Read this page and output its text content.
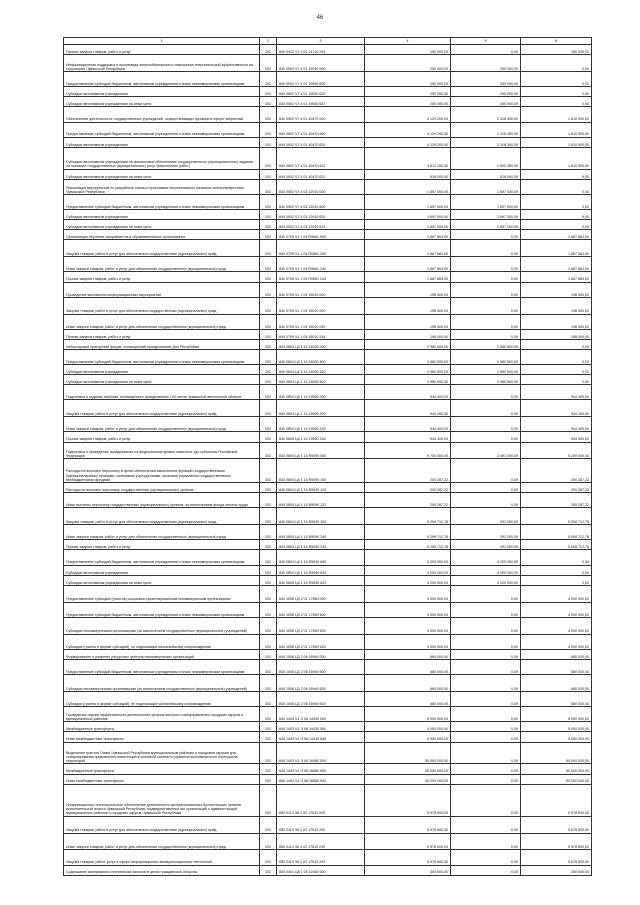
46
1	2	3	4	5	6
Прочая закупка товаров, работ и услуг	202	840 0412 Ч7 2 02 14710 244	150 000,00	0,00	150 000,00
Информационная поддержка и пропаганда энергосбережения и повышения энергетической эффективности на территории Чувашской Республики	202	840 0502 Ч7 4 01 19530 000	250 000,00	250 000,00	0,00
Предоставление субсидий бюджетным, автономным учреждениям и иным некоммерческим организациям	202	840 0502 Ч7 4 01 19530 600	250 000,00	250 000,00	0,00
Субсидии автономным учреждениям	202	840 0502 Ч7 4 01 19530 620	250 000,00	250 000,00	0,00
Субсидии автономным учреждениям на иные цели	202	840 0502 Ч7 4 01 19530 622	250 000,00	250 000,00	0,00
Обеспечение деятельности государственных учреждений, осуществляющих функции в сфере энергетики	202	840 0502 Ч7 4 01 40470 000	4 129 200,00	2 316 300,00	1 810 900,00
Предоставление субсидий бюджетным, автономным учреждениям и иным некоммерческим организациям	202	840 0502 Ч7 4 01 40470 600	4 129 200,00	2 318 300,00	1 810 900,00
Субсидии автономным учреждениям	202	840 0502 Ч7 4 01 40470 620	4 129 200,00	2 318 300,00	1 810 900,00
Субсидии автономным учреждениям на финансовое обеспечение государственного (муниципального) задания на оказание государственных (муниципальных) услуг (выполнение работ)	202	840 0502 Ч7 4 01 40470 621	3 611 200,00	1 800 300,00	1 810 900,00
Субсидии автономным учреждениям на иные цели	202	840 0502 Ч7 4 01 40470 622	518 000,00	518 000,00	0,00
Реализация мероприятий по разработке схемы и программы перспективного развития электроэнергетики Чувашской Республики	202	840 0502 Ч7 4 03 12910 000	1 697 000,00	1 697 000,00	0,00
Предоставление субсидий бюджетным, автономным учреждениям и иным некоммерческим организациям	202	840 0502 Ч7 4 03 12910 600	1 697 000,00	1 697 000,00	0,00
Субсидии автономным учреждениям	202	840 0502 Ч7 4 03 12910 620	1 697 000,00	1 697 000,00	0,00
Субсидии автономным учреждениям на иные цели	202	840 0502 Ч7 4 03 12910 622	1 697 000,00	1 697 000,00	0,00
Организация обучения специалистов в образовательных организациях	202	840 0705 Ч1 1 04 R0661 000	1 667 863,00	0,00	1 667 863,00
Закупка товаров, работ и услуг для обеспечения государственных (муниципальных) нужд	202	840 0705 Ч1 1 04 R0661 200	1 667 863,00	0,00	1 667 863,00
Иные закупки товаров, работ и услуг для обеспечения государственных (муниципальных) нужд	202	840 0705 Ч1 1 04 R0661 240	1 667 863,00	0,00	1 667 863,00
Прочая закупка товаров, работ и услуг	202	840 0705 Ч1 1 04 R0661 244	1 667 863,00	0,00	1 667 863,00
Проведение выставочно-информационных мероприятий	202	840 0709 Ч1 1 04 15010 000	198 400,00	0,00	198 400,00
Закупка товаров, работ и услуг для обеспечения государственных (муниципальных) нужд	202	840 0709 Ч1 1 04 15010 200	198 400,00	0,00	198 400,00
Иные закупки товаров, работ и услуг для обеспечения государственных (муниципальных) нужд	202	840 0709 Ч1 1 04 15010 240	198 400,00	0,00	198 400,00
Прочая закупка товаров, работ и услуг	202	840 0709 Ч1 1 04 15010 244	198 400,00	0,00	198 400,00
Чебоксарский культурный форум, посвященный празднованию Дня Республики	202	840 0804 Ц4 1 14 18330 000	2 980 500,00	2 980 500,00	0,00
Предоставление субсидий бюджетным, автономным учреждениям и иным некоммерческим организациям	202	840 0804 Ц4 1 14 18330 600	2 980 500,00	2 980 500,00	0,00
Субсидии автономным учреждениям	202	840 0804 Ц4 1 14 18330 620	2 980 500,00	2 980 500,00	0,00
Субсидии автономным учреждениям на иные цели	202	840 0804 Ц4 1 14 18330 622	2 980 500,00	2 980 500,00	0,00
Подготовка и издание альбома, посвященного празднованию 100-летия Чувашской автономной области	202	840 0804 Ц4 1 14 19590 000	944 400,00	0,00	944 400,00
Закупка товаров, работ и услуг для обеспечения государственных (муниципальных) нужд	202	840 0804 Ц4 1 14 19590 200	944 400,00	0,00	944 400,00
Иные закупки товаров, работ и услуг для обеспечения государственных (муниципальных) нужд	202	840 0804 Ц4 1 14 19590 240	944 400,00	0,00	944 400,00
Прочая закупка товаров, работ и услуг	202	840 0804 Ц4 1 14 19590 244	944 400,00	0,00	944 400,00
Подготовка и проведение празднования на федеральном уровне памятных дат субъектов Российской Федерации	202	840 0804 Ц4 1 14 R5090 000	9 700 000,00	4 491 000,00	5 209 000,00
Расходы на выплаты персоналу в целях обеспечения выполнения функций государственными (муниципальными) органами, казенными учреждениями, органами управления государственными внебюджетными фондами	202	840 0804 Ц4 1 14 R5090 100	200 287,22	0,00	200 287,22
Расходы на выплаты персоналу государственных (муниципальных) органов	202	840 0804 Ц4 1 14 R5090 120	200 287,22	0,00	200 287,22
Иные выплаты персоналу государственных (муниципальных) органов, за исключением фонда оплаты труда	202	840 0804 Ц4 1 14 R5090 122	200 287,22	0,00	200 287,22
Закупка товаров, работ и услуг для обеспечения государственных (муниципальных) нужд	202	840 0804 Ц4 1 14 R5090 200	5 299 712,78	291 000,00	5 008 712,78
Иные закупки товаров, работ и услуг для обеспечения государственных (муниципальных) нужд	202	840 0804 Ц4 1 14 R5090 240	5 299 712,78	291 000,00	5 008 712,78
Прочая закупка товаров, работ и услуг	202	840 0804 Ц4 1 14 R5090 244	5 299 712,78	291 000,00	5 008 712,78
Предоставление субсидий бюджетным, автономным учреждениям и иным некоммерческим организациям	202	840 0804 Ц4 1 14 R5090 600	4 200 000,00	4 200 000,00	0,00
Субсидии автономным учреждениям	202	840 0804 Ц4 1 14 R5090 620	4 200 000,00	4 200 000,00	0,00
Субсидии автономным учреждениям на иные цели	202	840 0804 Ц4 1 14 R5090 622	4 200 000,00	4 200 000,00	0,00
Предоставление субсидий (грантов) социально ориентированным некоммерческим организациям	202	840 1006 Ц3 2 01 17850 000	4 000 000,00	0,00	4 000 000,00
Предоставление субсидий бюджетным, автономным учреждениям и иным некоммерческим организациям	202	840 1006 Ц3 2 01 17850 600	4 000 000,00	0,00	4 000 000,00
Субсидии некоммерческим организациям (за исключением государственных (муниципальных) учреждений)	202	840 1006 Ц3 2 01 17850 630	4 000 000,00	0,00	4 000 000,00
Субсидии (гранты в форме субсидий), не подлежащие казначейскому сопровождению	202	840 1006 Ц3 2 01 17850 633	4 000 000,00	0,00	4 000 000,00
Формирование и развитие ресурсных центров некоммерческих организаций	202	840 1006 Ц3 2 06 16940 000	680 000,00	0,00	680 000,00
Предоставление субсидий бюджетным, автономным учреждениям и иным некоммерческим организациям	202	840 1006 Ц3 2 06 16940 600	680 000,00	0,00	680 000,00
Субсидии некоммерческим организациям (за исключением государственных (муниципальных) учреждений)	202	840 1006 Ц3 2 06 16940 630	680 000,00	0,00	680 000,00
Субсидии (гранты в форме субсидий), не подлежащие казначейскому сопровождению	202	840 1006 Ц3 2 06 16940 633	680 000,00	0,00	680 000,00
Проведение оценки эффективности деятельности органов местного самоуправления городских округов и муниципальных районов	202	840 1403 Ч1 Э 06 14430 000	5 000 000,00	0,00	5 000 000,00
Межбюджетные трансферты	202	840 1403 Ч1 Э 06 14430 500	5 000 000,00	0,00	5 000 000,00
Иные межбюджетные трансферты	202	840 1403 Ч1 Э 06 14430 540	5 000 000,00	0,00	5 000 000,00
Выделение грантов Главы Чувашской Республики муниципальным районам и городским округам для стимулирования привлечения инвестиций в основной капитал и развития экономического потенциала территорий	202	840 1403 Ч1 Э 06 16580 000	50 000 000,00	0,00	50 000 000,00
Межбюджетные трансферты	202	840 1403 Ч1 Э 06 16580 500	50 000 000,00	0,00	50 000 000,00
Иные межбюджетные трансферты	202	840 1403 Ч1 Э 06 16580 540	50 000 000,00	0,00	50 000 000,00
Информационно-технологическое обеспечение деятельности централизованных бухгалтерских органов исполнительной власти Чувашской Республики, подведомственных им организаций и администраций муниципальных районов и городских округов Чувашской Республики	202	850 0113 Ч6 2 02 17510 000	5 578 800,00	0,00	5 578 800,00
Закупка товаров, работ и услуг для обеспечения государственных (муниципальных) нужд	202	850 0113 Ч6 2 02 17510 200	5 578 800,00	0,00	5 578 800,00
Иные закупки товаров, работ и услуг для обеспечения государственных (муниципальных) нужд	202	850 0113 Ч6 2 02 17510 240	5 578 800,00	0,00	5 578 800,00
Закупка товаров, работ, услуг в сфере информационно-коммуникационных технологий	202	850 0113 Ч6 2 02 17510 242	5 578 800,00	0,00	5 578 800,00
Содержание материально-технических запасов в целях гражданской обороны	202	850 0401 Ц8 1 04 12460 000	300 600,00	0,00	300 600,00
